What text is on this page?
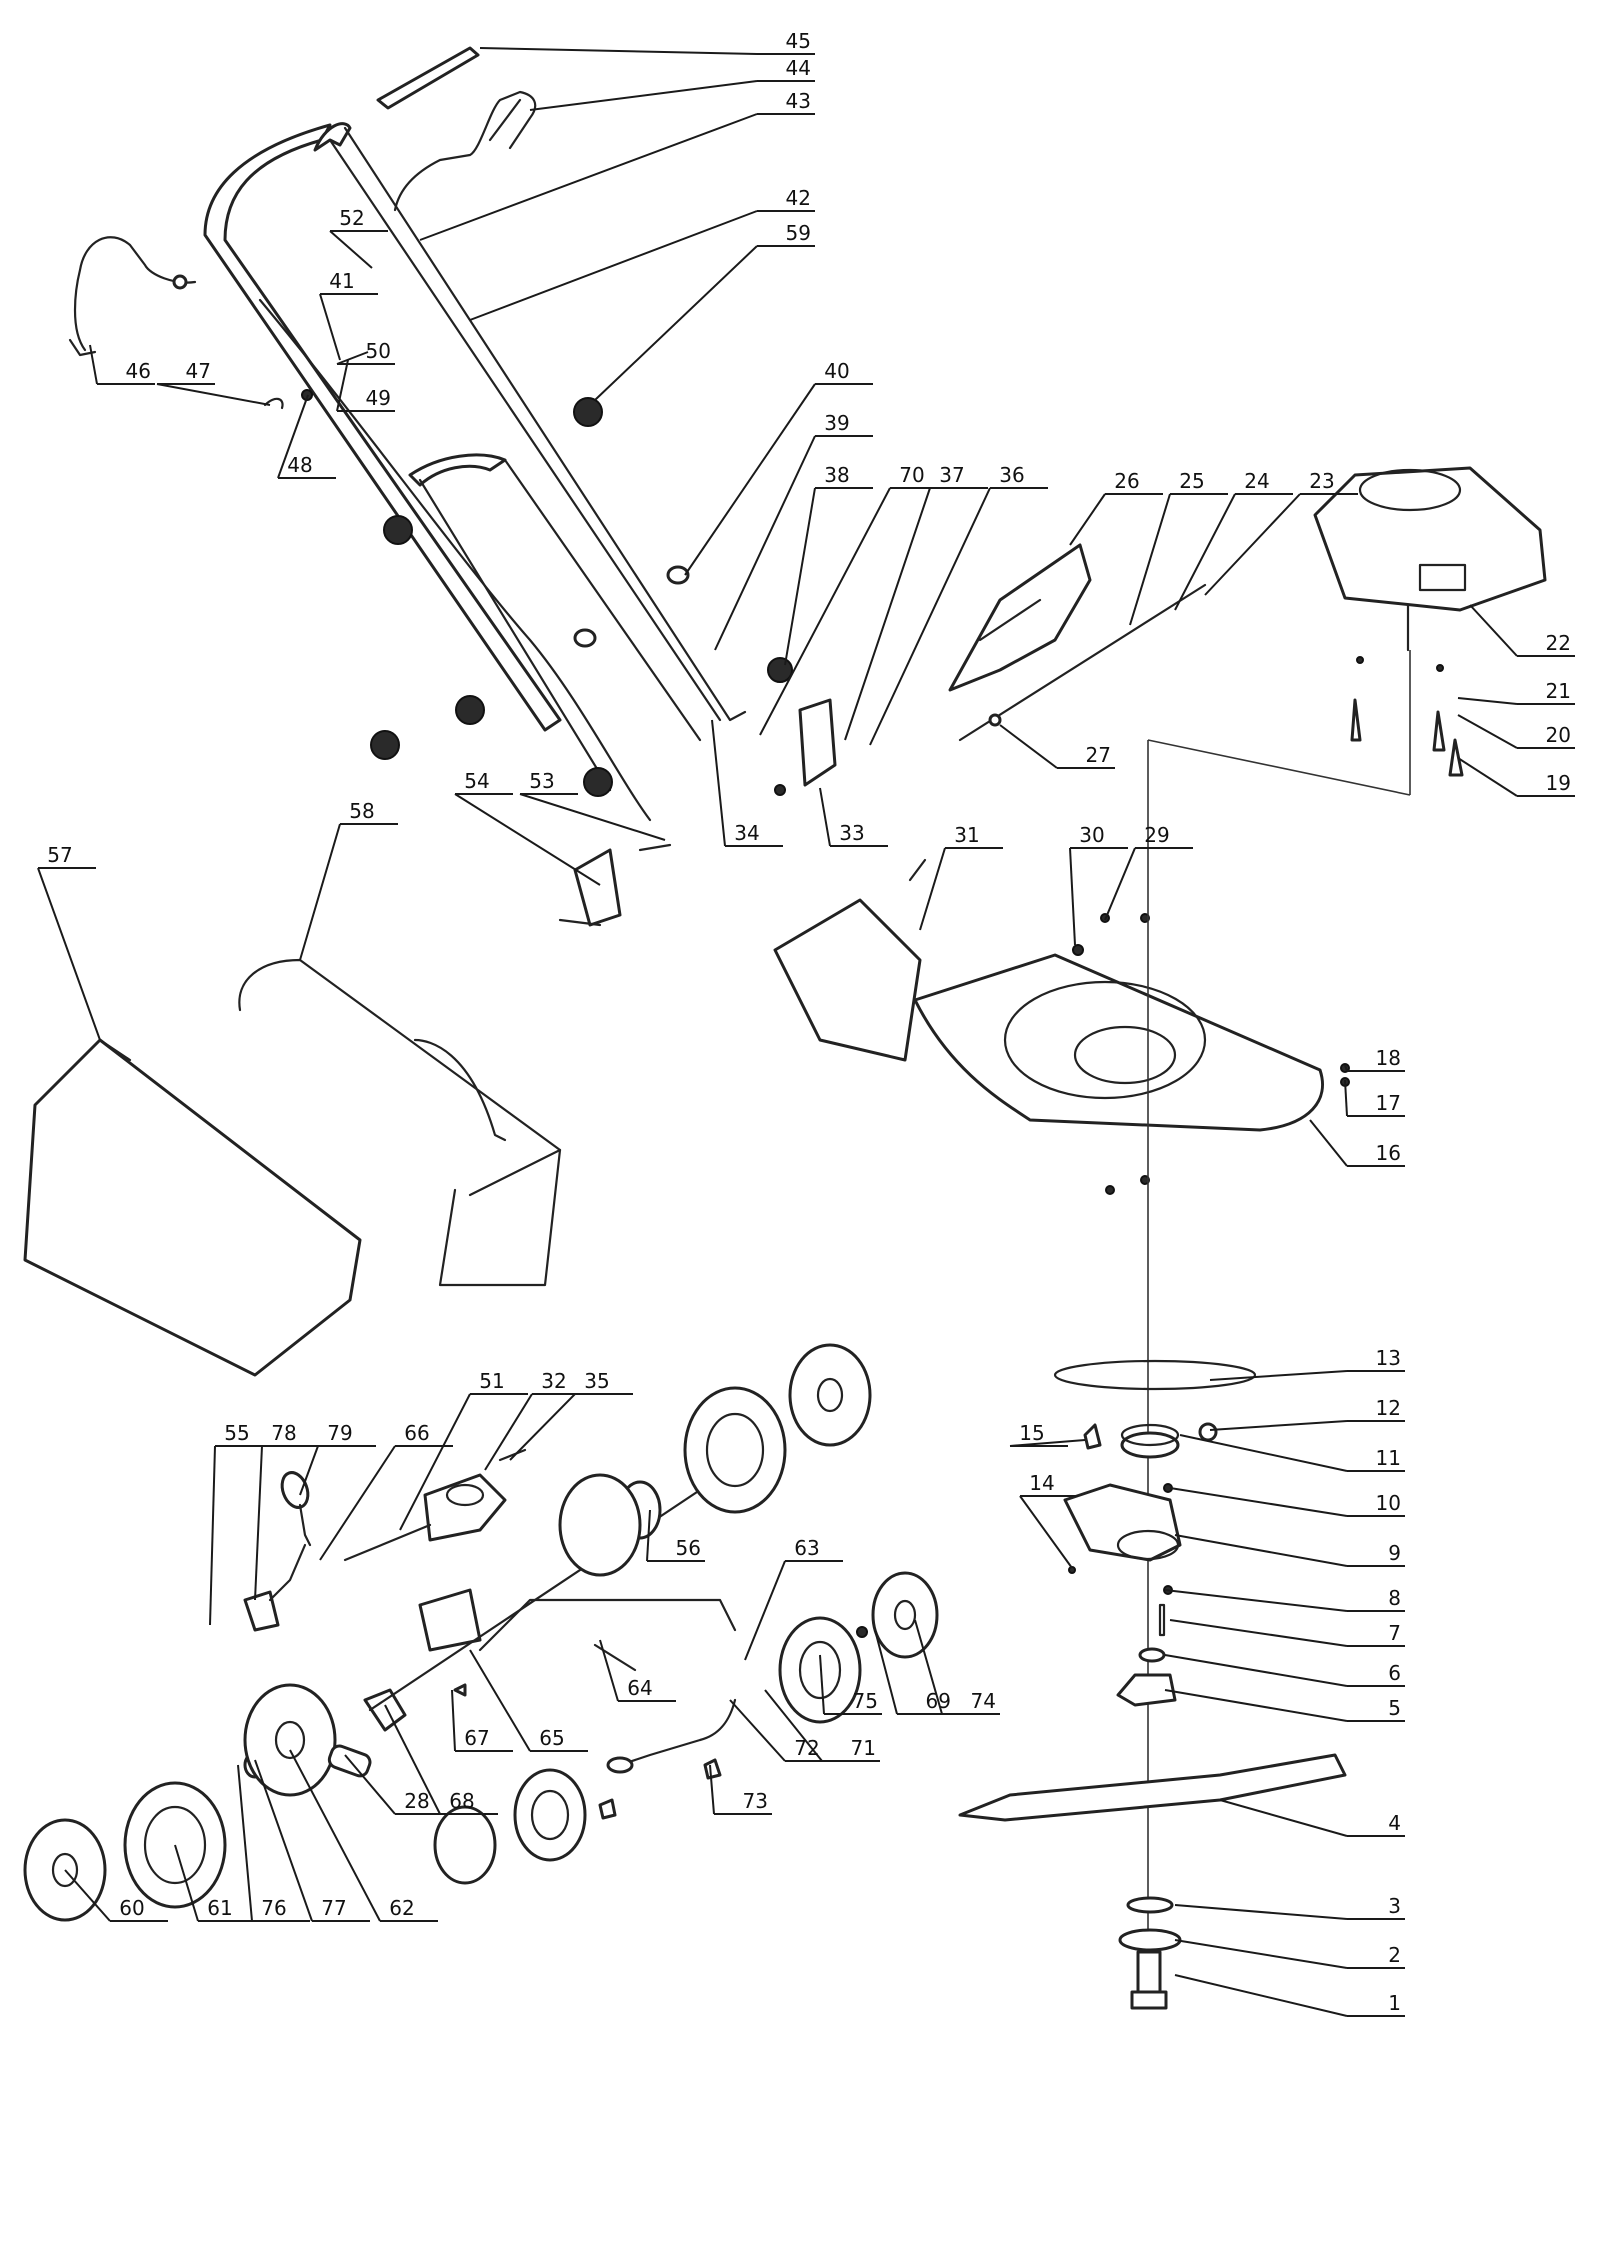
1
2
3
4
5
6
7
8
9
10
11
12
13
14
15
16
17
18
19
20
21
22
23
24
25
26
27
28
29
30
31
32
33
34
35
36
37
38
39
40
41
42
43
44
45
46 47
48
49
50
51
52
53
54
55
56
57
58
59
60	61	62
63
64
65
66
67
68
69
70
71
72
73
74
75
76 77
78 79
